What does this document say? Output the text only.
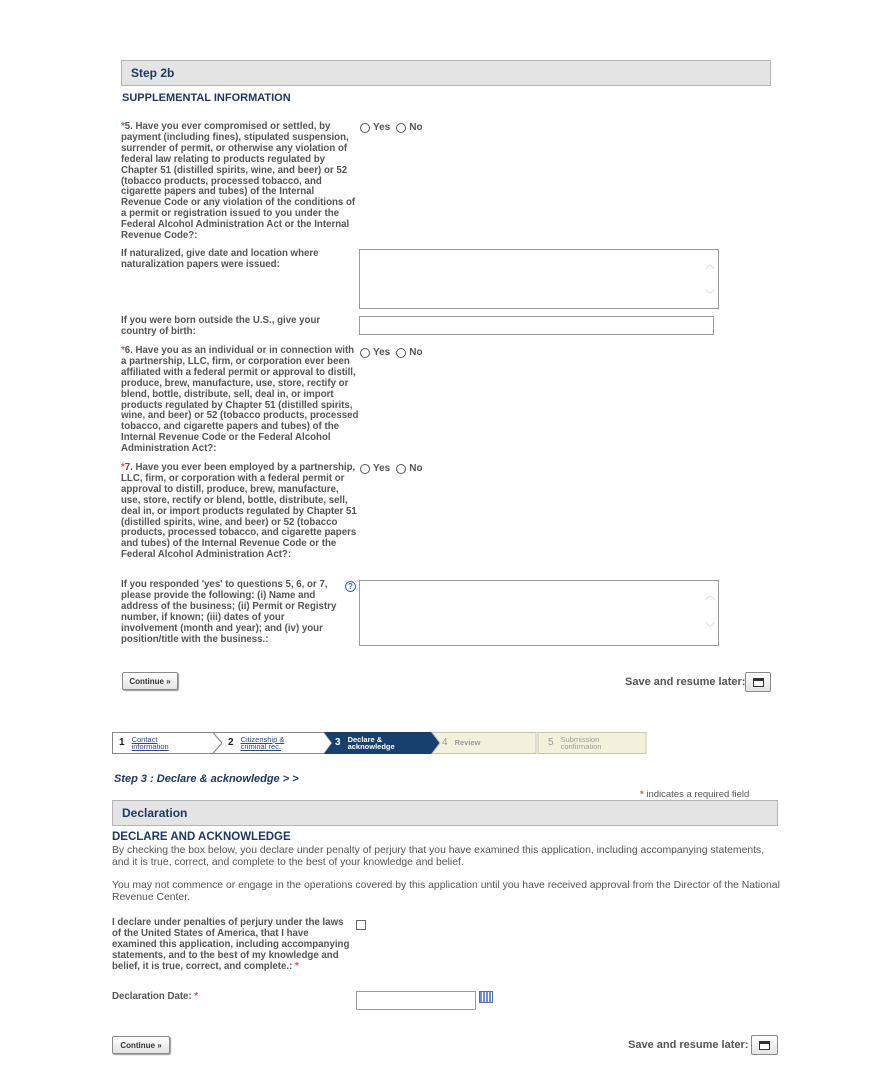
Step 2b
SUPPLEMENTAL INFORMATION
*5. Have you ever compromised or settled, by payment (including fines), stipulated suspension, surrender of permit, or otherwise any violation of federal law relating to products regulated by Chapter 51 (distilled spirits, wine, and beer) or 52 (tobacco products, processed tobacco, and cigarette papers and tubes) of the Internal Revenue Code or any violation of the conditions of a permit or registration issued to you under the Federal Alcohol Administration Act or the Internal Revenue Code?:
Yes No
If naturalized, give date and location where naturalization papers were issued:	︿
﹀
If you were born outside the U.S., give your country of birth:
*6. Have you as an individual or in connection with a partnership, LLC, firm, or corporation ever been affiliated with a federal permit or approval to distill, produce, brew, manufacture, use, store, rectify or blend, bottle, distribute, sell, deal in, or import products regulated by Chapter 51 (distilled spirits, wine, and beer) or 52 (tobacco products, processed tobacco, and cigarette papers and tubes) of the Internal Revenue Code or the Federal Alcohol Administration Act?:
Yes No
*7. Have you ever been employed by a partnership, LLC, firm, or corporation with a federal permit or approval to distill, produce, brew, manufacture, use, store, rectify or blend, bottle, distribute, sell, deal in, or import products regulated by Chapter 51 (distilled spirits, wine, and beer) or 52 (tobacco products, processed tobacco, and cigarette papers and tubes) of the Internal Revenue Code or the Federal Alcohol Administration Act?:
Yes No
If you responded 'yes' to questions 5, 6, or 7, please provide the following: (i) Name and address of the business; (ii) Permit or Registry number, if known; (iii) dates of your involvement (month and year); and (iv) your position/title with the business.:
?
︿
﹀
Continue »	Save and resume later:
1 Contact information	2 Citizenship & criminal rec.	3 Declare & acknowledge	4 Review	5 Submission confirmation
Step 3 : Declare & acknowledge > >
* indicates a required field
Declaration
DECLARE AND ACKNOWLEDGE
By checking the box below, you declare under penalty of perjury that you have examined this application, including accompanying statements, and it is true, correct, and complete to the best of your knowledge and belief.
You may not commence or engage in the operations covered by this application until you have received approval from the Director of the National Revenue Center.
I declare under penalties of perjury under the laws of the United States of America, that I have examined this application, including accompanying statements, and to the best of my knowledge and belief, it is true, correct, and complete.: *
Declaration Date: *
Continue »	Save and resume later:
